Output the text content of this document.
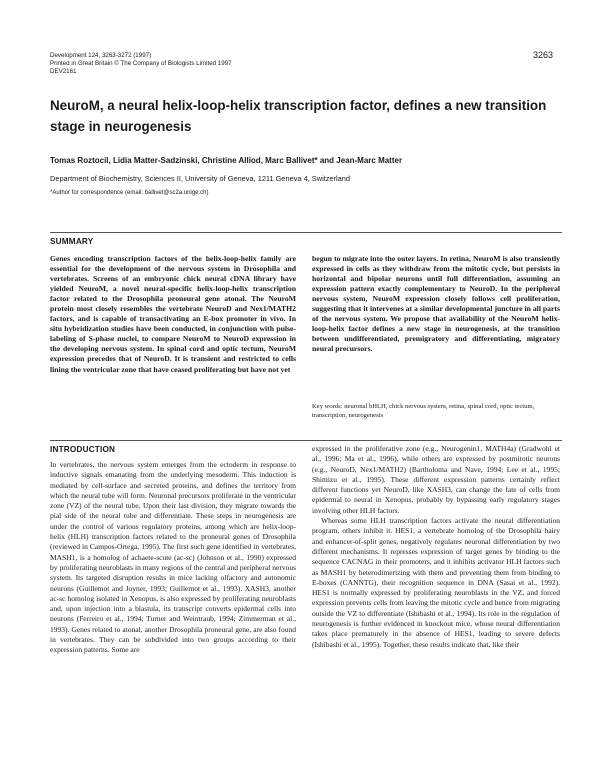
Development 124, 3263-3272 (1997)
Printed in Great Britain © The Company of Biologists Limited 1997
DEV2161
3263
NeuroM, a neural helix-loop-helix transcription factor, defines a new transition stage in neurogenesis
Tomas Roztocil, Lidia Matter-Sadzinski, Christine Alliod, Marc Ballivet* and Jean-Marc Matter
Department of Biochemistry, Sciences II, University of Geneva, 1211 Geneva 4, Switzerland
*Author for correspondence (email: ballivet@sc2a.unige.ch)
SUMMARY

Genes encoding transcription factors of the helix-loop-helix family are essential for the development of the nervous system in Drosophila and vertebrates. Screens of an embryonic chick neural cDNA library have yielded NeuroM, a novel neural-specific helix-loop-helix transcription factor related to the Drosophila proneural gene atonal. The NeuroM protein most closely resembles the vertebrate NeuroD and Nex1/MATH2 factors, and is capable of transactivating an E-box promoter in vivo. In situ hybridization studies have been conducted, in conjunction with pulse-labeling of S-phase nuclei, to compare NeuroM to NeuroD expression in the developing nervous system. In spinal cord and optic tectum, NeuroM expression precedes that of NeuroD. It is transient and restricted to cells lining the ventricular zone that have ceased proliferating but have not yet

begun to migrate into the outer layers. In retina, NeuroM is also transiently expressed in cells as they withdraw from the mitotic cycle, but persists in horizontal and bipolar neurons until full differentiation, assuming an expression pattern exactly complementary to NeuroD. In the peripheral nervous system, NeuroM expression closely follows cell proliferation, suggesting that it intervenes at a similar developmental juncture in all parts of the nervous system. We propose that availability of the NeuroM helix-loop-helix factor defines a new stage in neurogenesis, at the transition between undifferentiated, premigratory and differentiating, migratory neural precursors.

Key words: neuronal bHLH, chick nervous system, retina, spinal cord, optic tectum, transcription, neurogenesis
INTRODUCTION

In vertebrates, the nervous system emerges from the ectoderm in response to inductive signals emanating from the underlying mesoderm. This induction is mediated by cell-surface and secreted proteins, and defines the territory from which the neural tube will form. Neuronal precursors proliferate in the ventricular zone (VZ) of the neural tube. Upon their last division, they migrate towards the pial side of the neural tube and differentiate. These steps in neurogenesis are under the control of various regulatory proteins, among which are helix-loop-helix (HLH) transcription factors related to the proneural genes of Drosophila (reviewed in Campos-Ortega, 1995). The first such gene identified in vertebrates, MASH1, is a homolog of achaete-scute (ac-sc) (Johnson et al., 1990) expressed by proliferating neuroblasts in many regions of the central and peripheral nervous system. Its targeted disruption results in mice lacking olfactory and autonomic neurons (Guillemot and Joyner, 1993; Guillemot et al., 1993). XASH3, another ac-sc homolog isolated in Xenopus, is also expressed by proliferating neuroblasts and, upon injection into a blastula, its transcript converts epidermal cells into neurons (Ferreiro et al., 1994; Turner and Weintraub, 1994; Zimmerman et al., 1993). Genes related to atonal, another Drosophila proneural gene, are also found in vertebrates. They can be subdivided into two groups according to their expression patterns. Some are

expressed in the proliferative zone (e.g., Neurogenin1, MATH4a) (Gradwohl et al., 1996; Ma et al., 1996), while others are expressed by postmitotic neurons (e.g., NeuroD, Nex1/MATH2) (Bartholoma and Nave, 1994; Lee et al., 1995; Shimizu et al., 1995). These different expression patterns certainly reflect different functions yet NeuroD, like XASH3, can change the fate of cells from epidermal to neural in Xenopus, probably by bypassing early regulatory stages involving other HLH factors.

Whereas some HLH transcription factors activate the neural differentiation program, others inhibit it. HES1, a vertebrate homolog of the Drosophila hairy and enhancer-of-split genes, negatively regulates neuronal differentiation by two different mechanisms. It represses expression of target genes by binding to the sequence CACNAG in their promoters, and it inhibits activator HLH factors such as MASH1 by heterodimerizing with them and preventing them from binding to E-boxes (CANNTG), their recognition sequence in DNA (Sasai et al., 1992). HES1 is normally expressed by proliferating neuroblasts in the VZ, and forced expression prevents cells from leaving the mitotic cycle and hence from migrating outside the VZ to differentiate (Ishibashi et al., 1994). Its role in the regulation of neurogenesis is further evidenced in knockout mice, whose neural differentiation takes place prematurely in the absence of HES1, leading to severe defects (Ishibashi et al., 1995). Together, these results indicate that, like their
